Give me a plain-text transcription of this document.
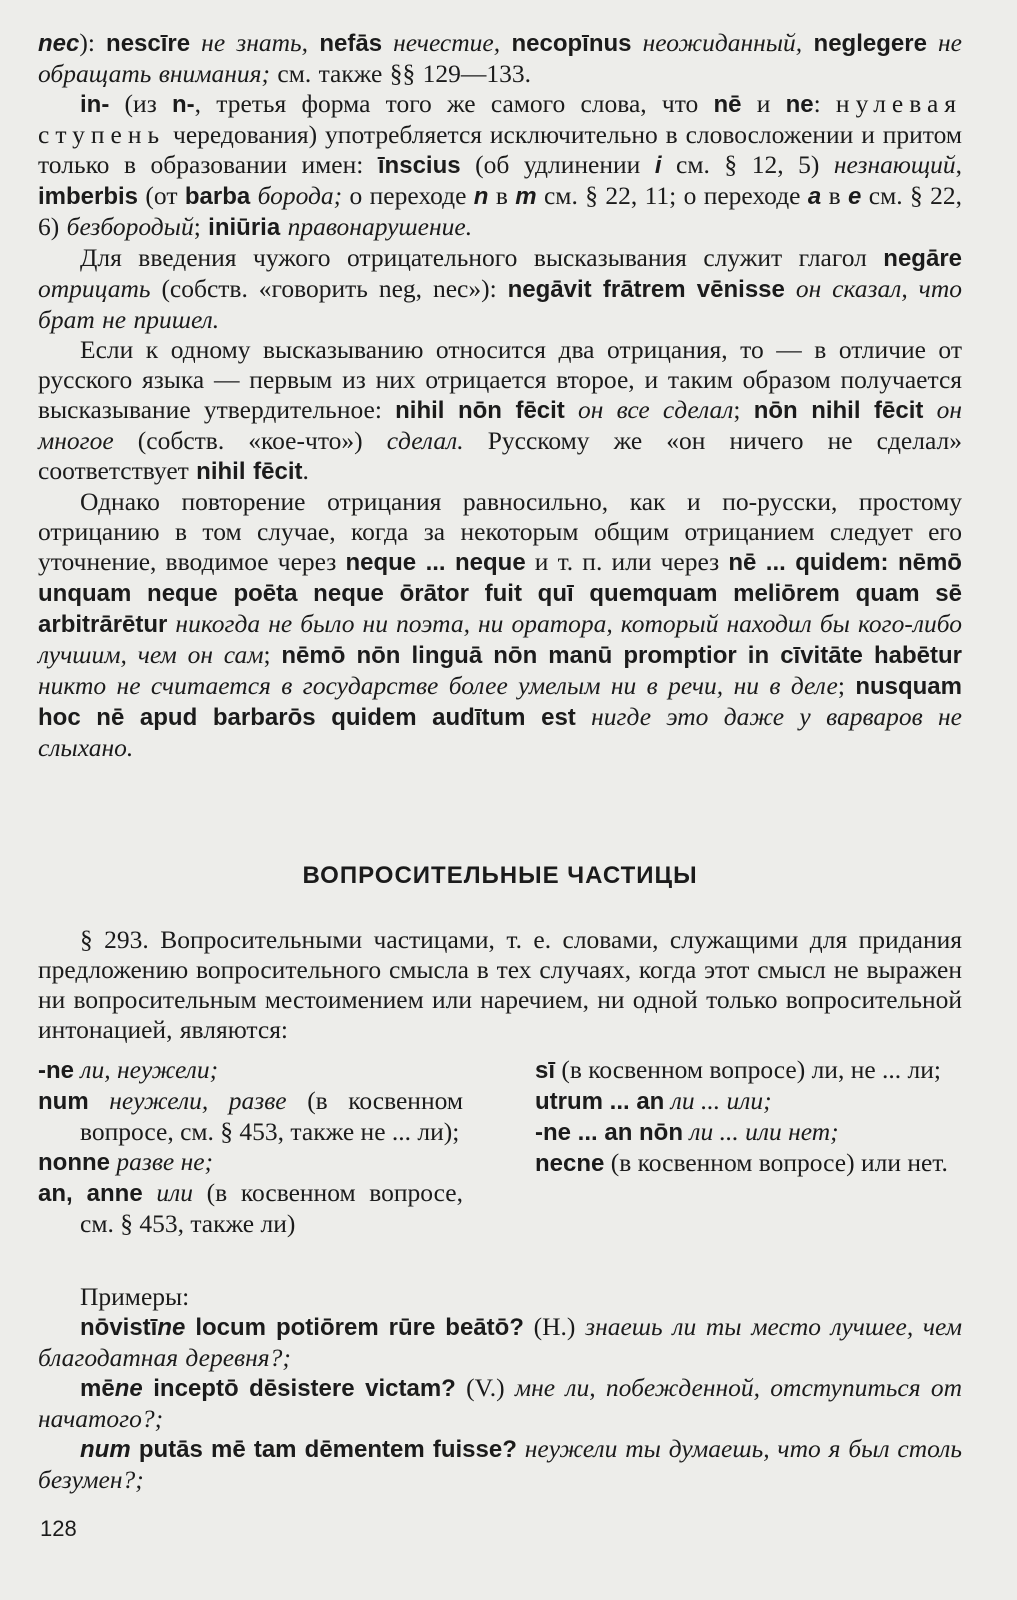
nec): nescīre не знать, nefās нечестие, necopīnus неожиданный, neglegere не обращать внимания; см. также §§ 129—133.

in- (из n-, третья форма того же самого слова, что nē и ne: нулевая ступень чередования) употребляется исключительно в словосложении и притом только в образовании имен: īnscius (об удлинении i см. § 12, 5) незнающий, imberbis (от barba борода; о переходе n в m см. § 22, 11; о переходе a в e см. § 22, 6) безбородый; iniūria правонарушение.

Для введения чужого отрицательного высказывания служит глагол negāre отрицать (собств. «говорить neg, nec»): negāvit frātrem vēnisse он сказал, что брат не пришел.

Если к одному высказыванию относится два отрицания, то — в отличие от русского языка — первым из них отрицается второе, и таким образом получается высказывание утвердительное: nihil nōn fēcit он все сделал; nōn nihil fēcit он многое (собств. «кое-что») сделал. Русскому же «он ничего не сделал» соответствует nihil fēcit.

Однако повторение отрицания равносильно, как и по-русски, простому отрицанию в том случае, когда за некоторым общим отрицанием следует его уточнение, вводимое через neque ... neque и т. п. или через nē ... quidem: nēmō unquam neque poēta neque ōrātor fuit quī quemquam meliōrem quam sē arbitrārētur никогда не было ни поэта, ни оратора, который находил бы кого-либо лучшим, чем он сам; nēmō nōn linguā nōn manū promptior in cīvitāte habētur никто не считается в государстве более умелым ни в речи, ни в деле; nusquam hoc nē apud barbarōs quidem audītum est нигде это даже у варваров не слыхано.

ВОПРОСИТЕЛЬНЫЕ ЧАСТИЦЫ

§ 293. Вопросительными частицами, т. е. словами, служащими для придания предложению вопросительного смысла в тех случаях, когда этот смысл не выражен ни вопросительным местоимением или наречием, ни одной только вопросительной интонацией, являются:

-ne ли, неужели;
num неужели, разве (в косвенном вопросе, см. § 453, также не ... ли);
nonne разве не;
an, anne или (в косвенном вопросе, см. § 453, также ли)
sī (в косвенном вопросе) ли, не ... ли;
utrum ... an ли ... или;
-ne ... an nōn ли ... или нет;
necne (в косвенном вопросе) или нет.

Примеры:

nōvistīne locum potiōrem rūre beātō? (H.) знаешь ли ты место лучшее, чем благодатная деревня?;

mēne inceptō dēsistere victam? (V.) мне ли, побежденной, отступиться от начатого?;

num putās mē tam dēmentem fuisse? неужели ты думаешь, что я был столь безумен?;

128
